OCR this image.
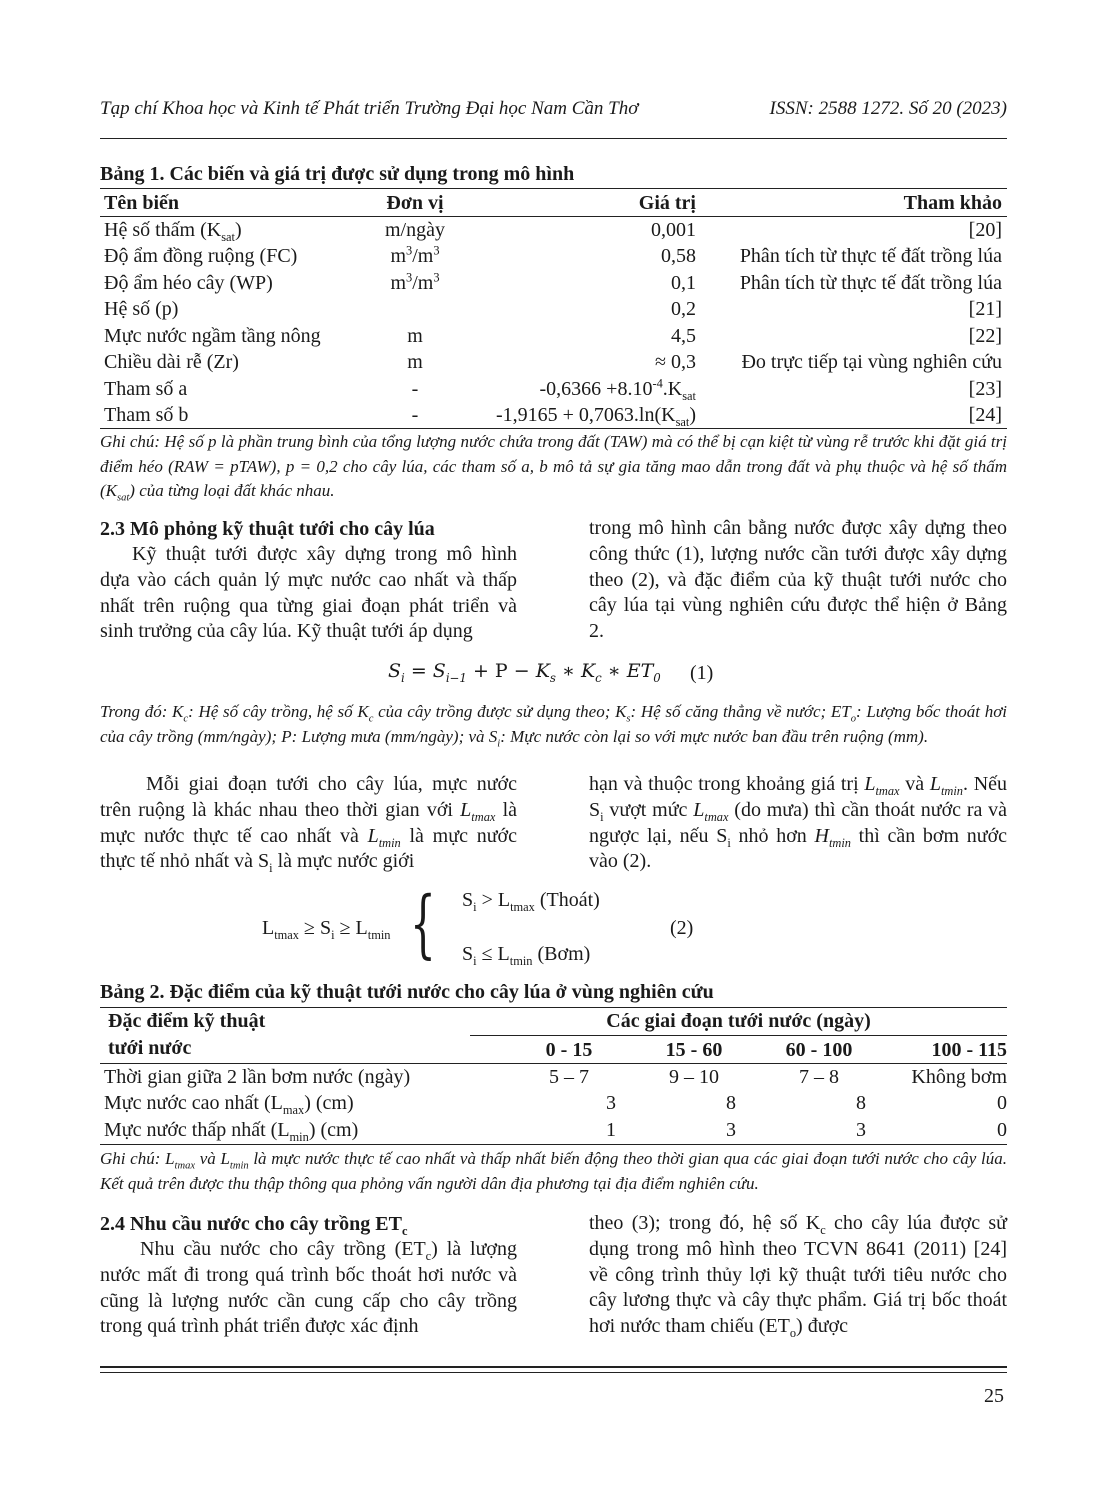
Tạp chí Khoa học và Kinh tế Phát triển Trường Đại học Nam Cần Thơ	ISSN: 2588 1272. Số 20 (2023)
Bảng 1. Các biến và giá trị được sử dụng trong mô hình
Tên biến	Đơn vị	Giá trị	Tham khảo
Hệ số thấm $(K_{sat})$	m/ngày	0,001	[20]
Độ ẩm đồng ruộng (FC)	$m^3/m^3$	0,58	Phân tích từ thực tế đất trồng lúa
Độ ẩm héo cây (WP)	$m^3/m^3$	0,1	Phân tích từ thực tế đất trồng lúa
Hệ số (p)		0,2	[21]
Mực nước ngầm tầng nông	m	4,5	[22]
Chiều dài rễ (Zr)	m	≈ 0,3	Đo trực tiếp tại vùng nghiên cứu
Tham số a	-	$-0,6366 +8.10^{-4}.K_{sat}$	[23]
Tham số b	-	$-1,9165 + 0,7063.\ln(K_{sat})$	[24]
Ghi chú: Hệ số p là phần trung bình của tổng lượng nước chứa trong đất (TAW) mà có thể bị cạn kiệt từ vùng rễ trước khi đặt giá trị điểm héo (RAW = pTAW), p = 0,2 cho cây lúa, các tham số a, b mô tả sự gia tăng mao dẫn trong đất và phụ thuộc và hệ số thấm $(K_{sat})$ của từng loại đất khác nhau.
2.3 Mô phỏng kỹ thuật tưới cho cây lúa
Kỹ thuật tưới được xây dựng trong mô hình dựa vào cách quản lý mực nước cao nhất và thấp nhất trên ruộng qua từng giai đoạn phát triển và sinh trưởng của cây lúa. Kỹ thuật tưới áp dụng
trong mô hình cân bằng nước được xây dựng theo công thức (1), lượng nước cần tưới được xây dựng theo (2), và đặc điểm của kỹ thuật tưới nước cho cây lúa tại vùng nghiên cứu được thể hiện ở Bảng 2.
$S_i = S_{i-1} + P - K_s$ ∗ $K_c$ ∗ $ET_0$ (1)
Trong đó: $K_c$: Hệ số cây trồng, hệ số $K_c$ của cây trồng được sử dụng theo; $K_s$: Hệ số căng thẳng về nước; $ET_o$: Lượng bốc thoát hơi của cây trồng (mm/ngày); P: Lượng mưa (mm/ngày); và $S_i$: Mực nước còn lại so với mực nước ban đầu trên ruộng (mm).
Mỗi giai đoạn tưới cho cây lúa, mực nước trên ruộng là khác nhau theo thời gian với $L_{tmax}$ là mực nước thực tế cao nhất và $L_{tmin}$ là mực nước thực tế nhỏ nhất và $S_i$ là mực nước giới
hạn và thuộc trong khoảng giá trị $L_{tmax}$ và $L_{tmin}$. Nếu $S_i$ vượt mức $L_{tmax}$ (do mưa) thì cần thoát nước ra và ngược lại, nếu $S_i$ nhỏ hơn $H_{tmin}$ thì cần bơm nước vào (2).
$L_{tmax} \ge S_i \ge L_{tmin}$ { $S_i > L_{tmax}$ (Thoát)
$S_i \le L_{tmin}$ (Bơm)
(2)
Bảng 2. Đặc điểm của kỹ thuật tưới nước cho cây lúa ở vùng nghiên cứu
Đặc điểm kỹ thuật
tưới nước
Các giai đoạn tưới nước (ngày)
	0 - 15	15 - 60	60 - 100	100 - 115
Thời gian giữa 2 lần bơm nước (ngày)	5 – 7	9 – 10	7 – 8	Không bơm
Mực nước cao nhất $(L_{max})$ (cm)	3	8	8	0
Mực nước thấp nhất $(L_{min})$ (cm)	1	3	3	0
Ghi chú: $L_{tmax}$ và $L_{tmin}$ là mực nước thực tế cao nhất và thấp nhất biến động theo thời gian qua các giai đoạn tưới nước cho cây lúa. Kết quả trên được thu thập thông qua phỏng vấn người dân địa phương tại địa điểm nghiên cứu.
2.4 Nhu cầu nước cho cây trồng $ET_c$
Nhu cầu nước cho cây trồng $(ET_c)$ là lượng nước mất đi trong quá trình bốc thoát hơi nước và cũng là lượng nước cần cung cấp cho cây trồng trong quá trình phát triển được xác định
theo (3); trong đó, hệ số $K_c$ cho cây lúa được sử dụng trong mô hình theo TCVN 8641 (2011) [24] về công trình thủy lợi kỹ thuật tưới tiêu nước cho cây lương thực và cây thực phẩm. Giá trị bốc thoát hơi nước tham chiếu $(ET_o)$ được
25
